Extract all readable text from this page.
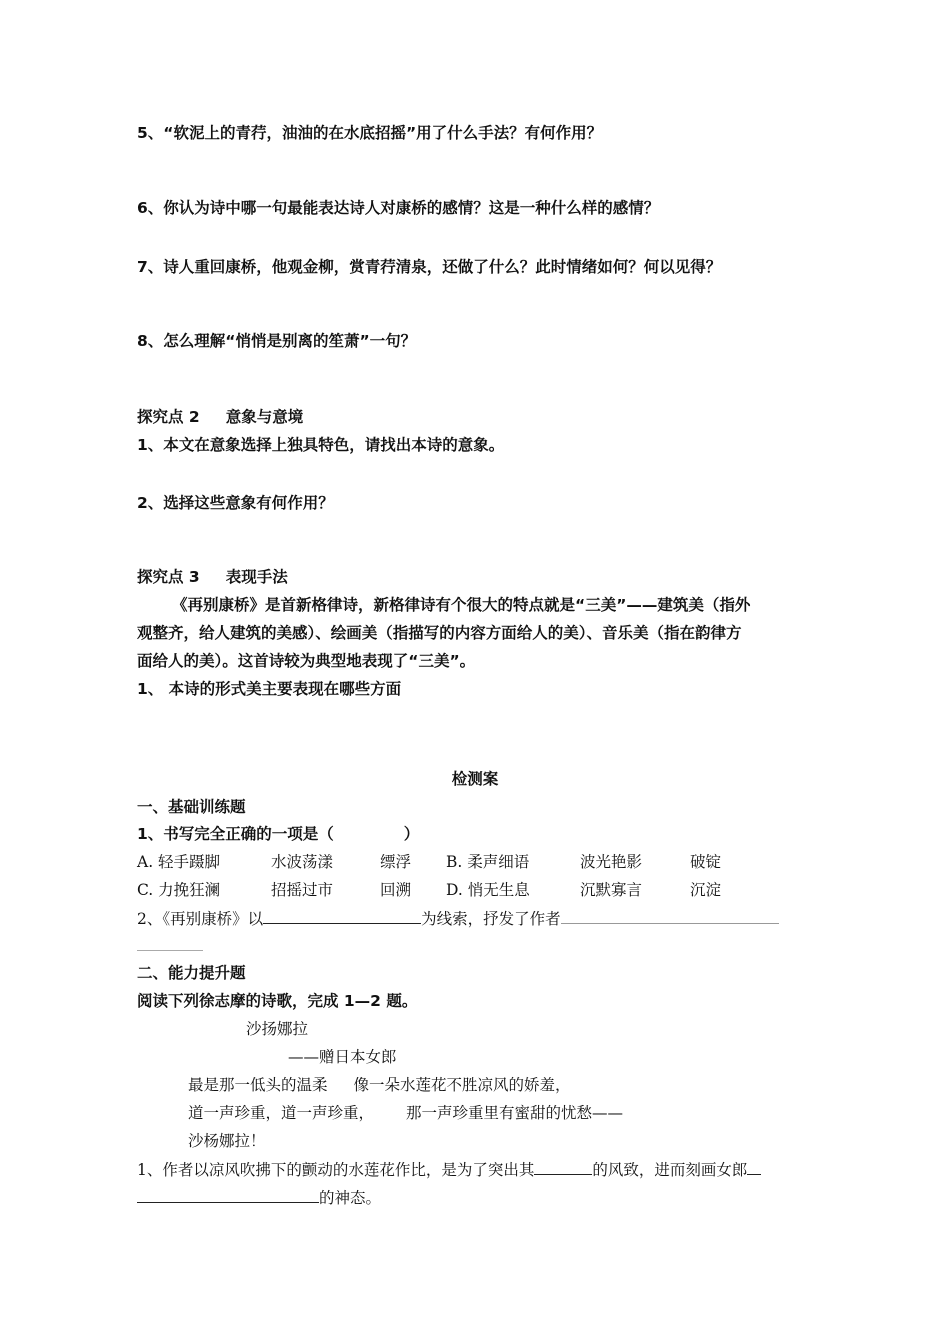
5、“软泥上的青荇，油油的在水底招摇”用了什么手法？有何作用？
6、你认为诗中哪一句最能表达诗人对康桥的感情？这是一种什么样的感情？
7、诗人重回康桥，他观金柳，赏青荇清泉，还做了什么？此时情绪如何？何以见得？
8、怎么理解“悄悄是别离的笙萧”一句？
探究点 2 意象与意境
1、本文在意象选择上独具特色，请找出本诗的意象。
2、选择这些意象有何作用？
探究点 3 表现手法
《再别康桥》是首新格律诗，新格律诗有个很大的特点就是“三美”——建筑美（指外
观整齐，给人建筑的美感）、绘画美（指描写的内容方面给人的美）、音乐美（指在韵律方
面给人的美）。这首诗较为典型地表现了“三美”。
1、 本诗的形式美主要表现在哪些方面
检测案
一、基础训练题
1、书写完全正确的一项是（	）
A. 轻手蹑脚	水波荡漾	缥浮 B. 柔声细语	波光艳影	破锭
C. 力挽狂澜	招摇过市	回溯 D. 悄无生息	沉默寡言	沉淀
2、《再别康桥》以	为线索，抒发了作者
二、能力提升题
阅读下列徐志摩的诗歌，完成 1—2 题。
沙扬娜拉
——赠日本女郎
最是那一低头的温柔 像一朵水莲花不胜凉风的娇羞，
道一声珍重，道一声珍重， 那一声珍重里有蜜甜的忧愁——
沙杨娜拉！
1、作者以凉风吹拂下的颤动的水莲花作比，是为了突出其	的风致，进而刻画女郎
的神态。
